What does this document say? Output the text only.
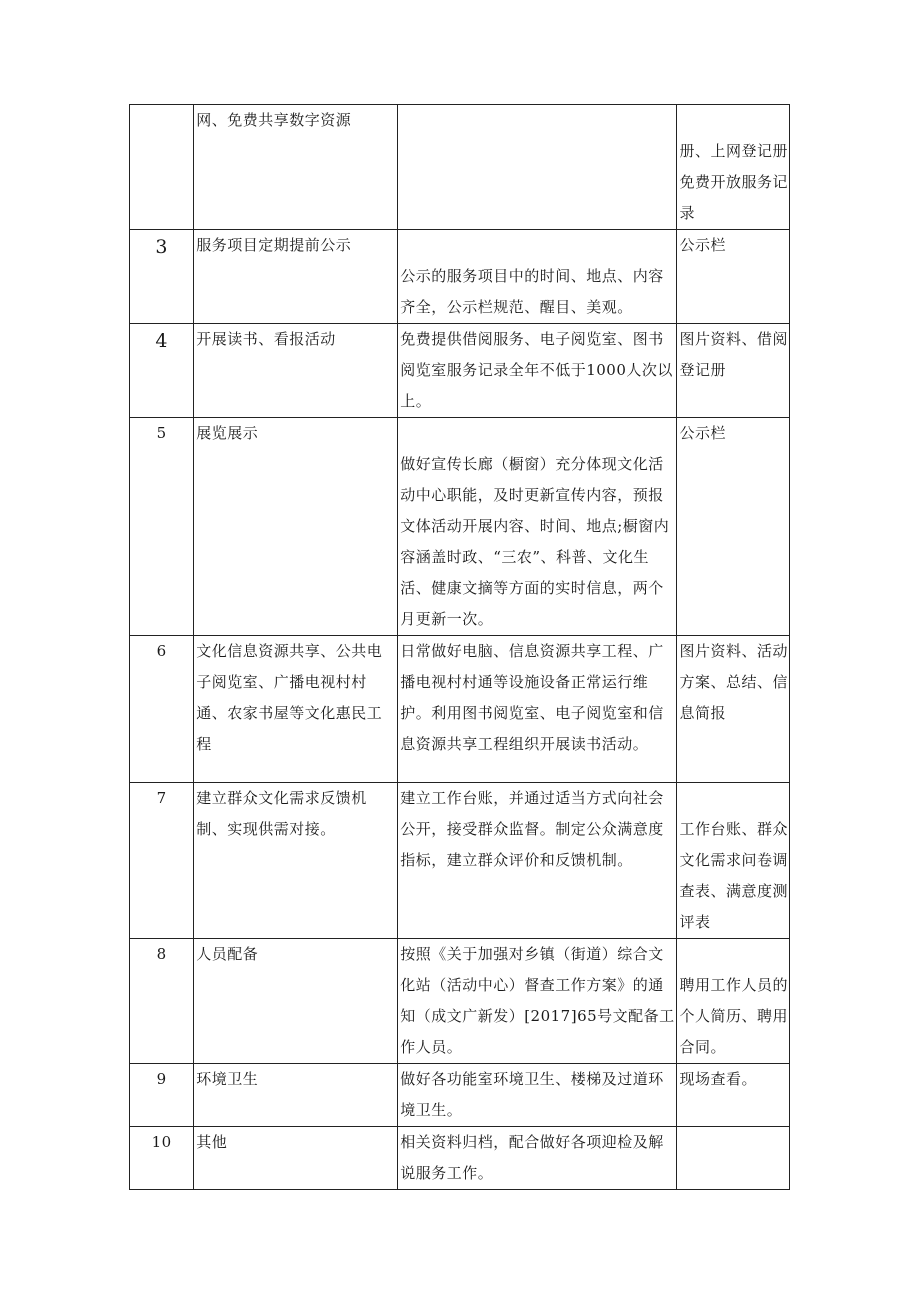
	网、免费共享数字资源		册、上网登记册免费开放服务记录

3	服务项目定期提前公示	公示的服务项目中的时间、地点、内容齐全，公示栏规范、醒目、美观。	公示栏

4	开展读书、看报活动	免费提供借阅服务、电子阅览室、图书阅览室服务记录全年不低于1000人次以上。	图片资料、借阅登记册

5	展览展示	做好宣传长廊（橱窗）充分体现文化活动中心职能，及时更新宣传内容，预报文体活动开展内容、时间、地点;橱窗内容涵盖时政、“三农”、科普、文化生活、健康文摘等方面的实时信息，两个月更新一次。	公示栏

6	文化信息资源共享、公共电子阅览室、广播电视村村通、农家书屋等文化惠民工程	日常做好电脑、信息资源共享工程、广播电视村村通等设施设备正常运行维护。利用图书阅览室、电子阅览室和信息资源共享工程组织开展读书活动。	图片资料、活动方案、总结、信息简报

7	建立群众文化需求反馈机制、实现供需对接。	建立工作台账，并通过适当方式向社会公开，接受群众监督。制定公众满意度指标，建立群众评价和反馈机制。	工作台账、群众文化需求问卷调查表、满意度测评表

8	人员配备	按照《关于加强对乡镇（街道）综合文化站（活动中心）督查工作方案》的通知（成文广新发）[2017]65号文配备工作人员。	聘用工作人员的个人简历、聘用合同。

9	环境卫生	做好各功能室环境卫生、楼梯及过道环境卫生。	现场查看。

10	其他	相关资料归档，配合做好各项迎检及解说服务工作。	
